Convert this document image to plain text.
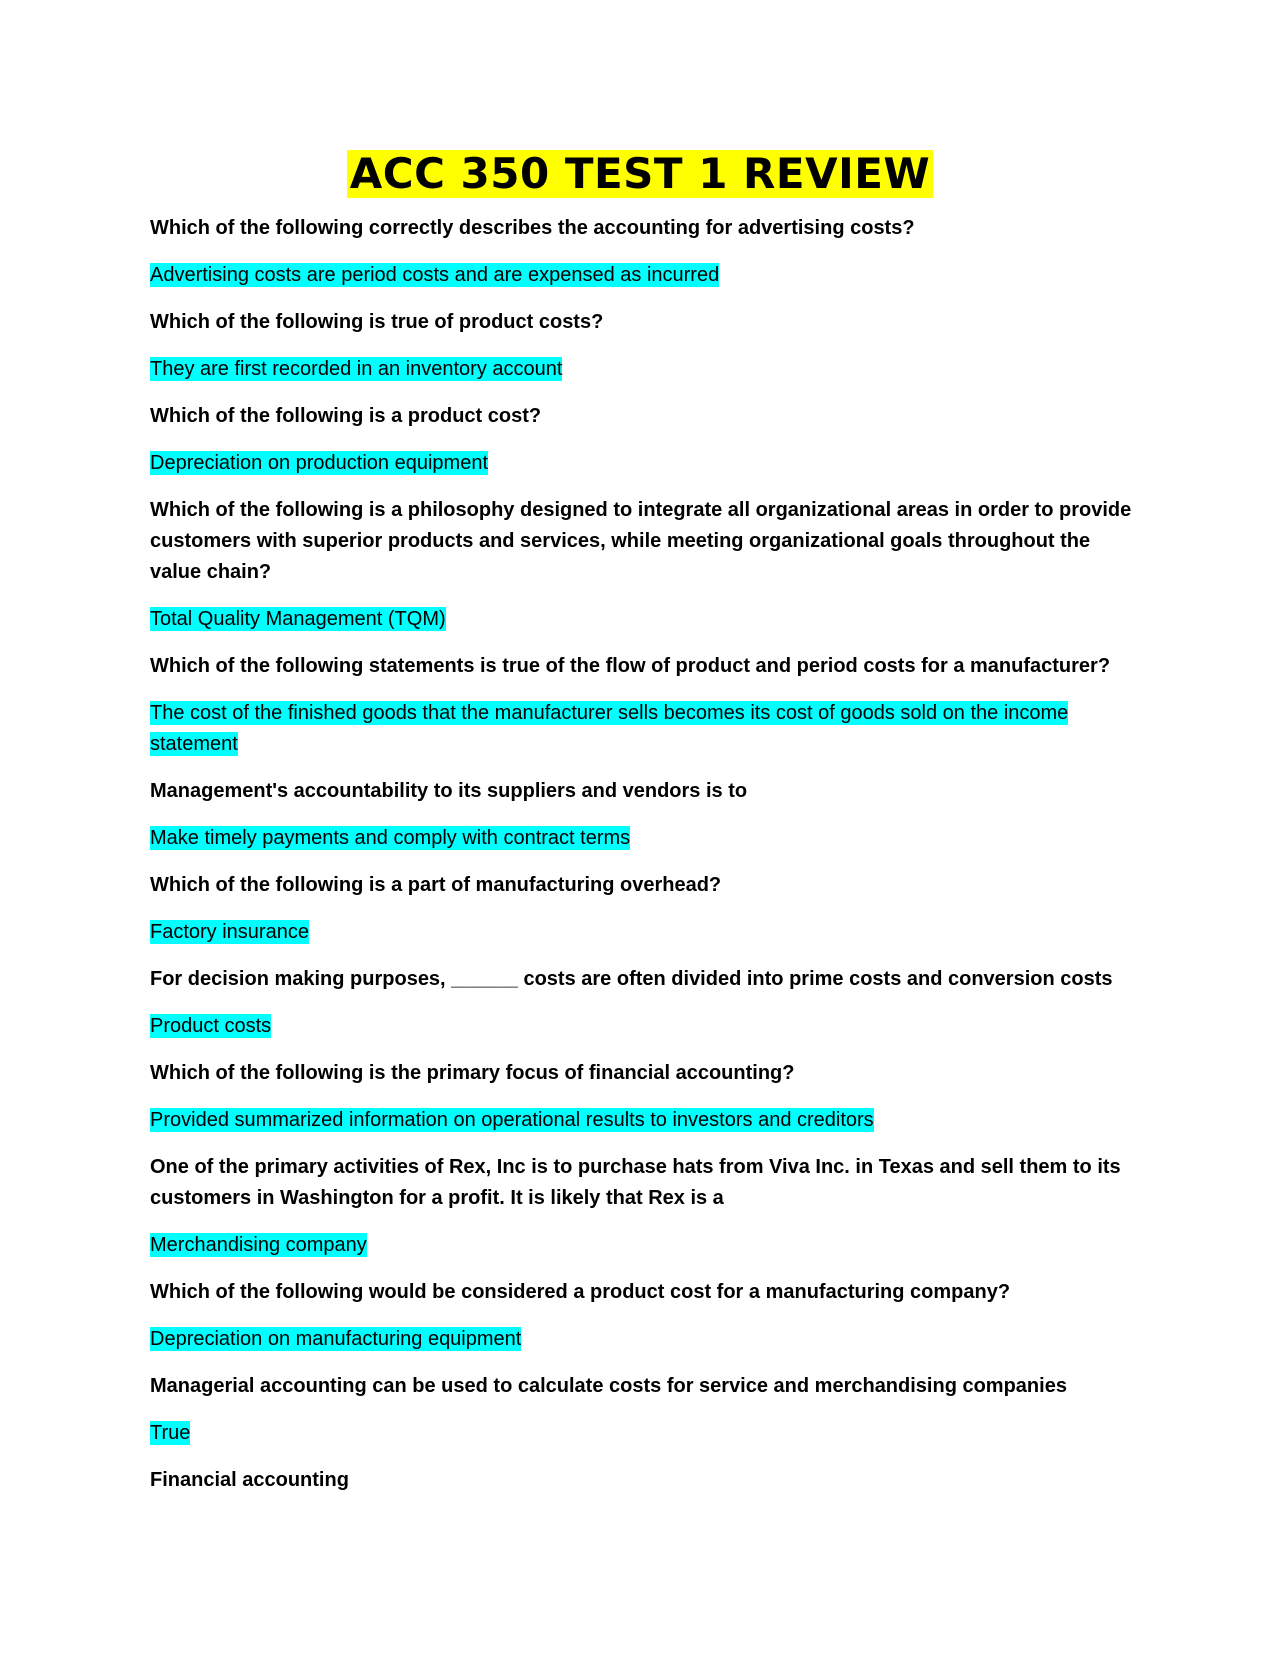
ACC 350 TEST 1 REVIEW

Which of the following correctly describes the accounting for advertising costs?

Advertising costs are period costs and are expensed as incurred

Which of the following is true of product costs?

They are first recorded in an inventory account

Which of the following is a product cost?

Depreciation on production equipment

Which of the following is a philosophy designed to integrate all organizational areas in order to provide customers with superior products and services, while meeting organizational goals throughout the value chain?

Total Quality Management (TQM)

Which of the following statements is true of the flow of product and period costs for a manufacturer?

The cost of the finished goods that the manufacturer sells becomes its cost of goods sold on the income statement

Management's accountability to its suppliers and vendors is to

Make timely payments and comply with contract terms

Which of the following is a part of manufacturing overhead?

Factory insurance

For decision making purposes, ______ costs are often divided into prime costs and conversion costs

Product costs

Which of the following is the primary focus of financial accounting?

Provided summarized information on operational results to investors and creditors

One of the primary activities of Rex, Inc is to purchase hats from Viva Inc. in Texas and sell them to its customers in Washington for a profit. It is likely that Rex is a

Merchandising company

Which of the following would be considered a product cost for a manufacturing company?

Depreciation on manufacturing equipment

Managerial accounting can be used to calculate costs for service and merchandising companies

True

Financial accounting
